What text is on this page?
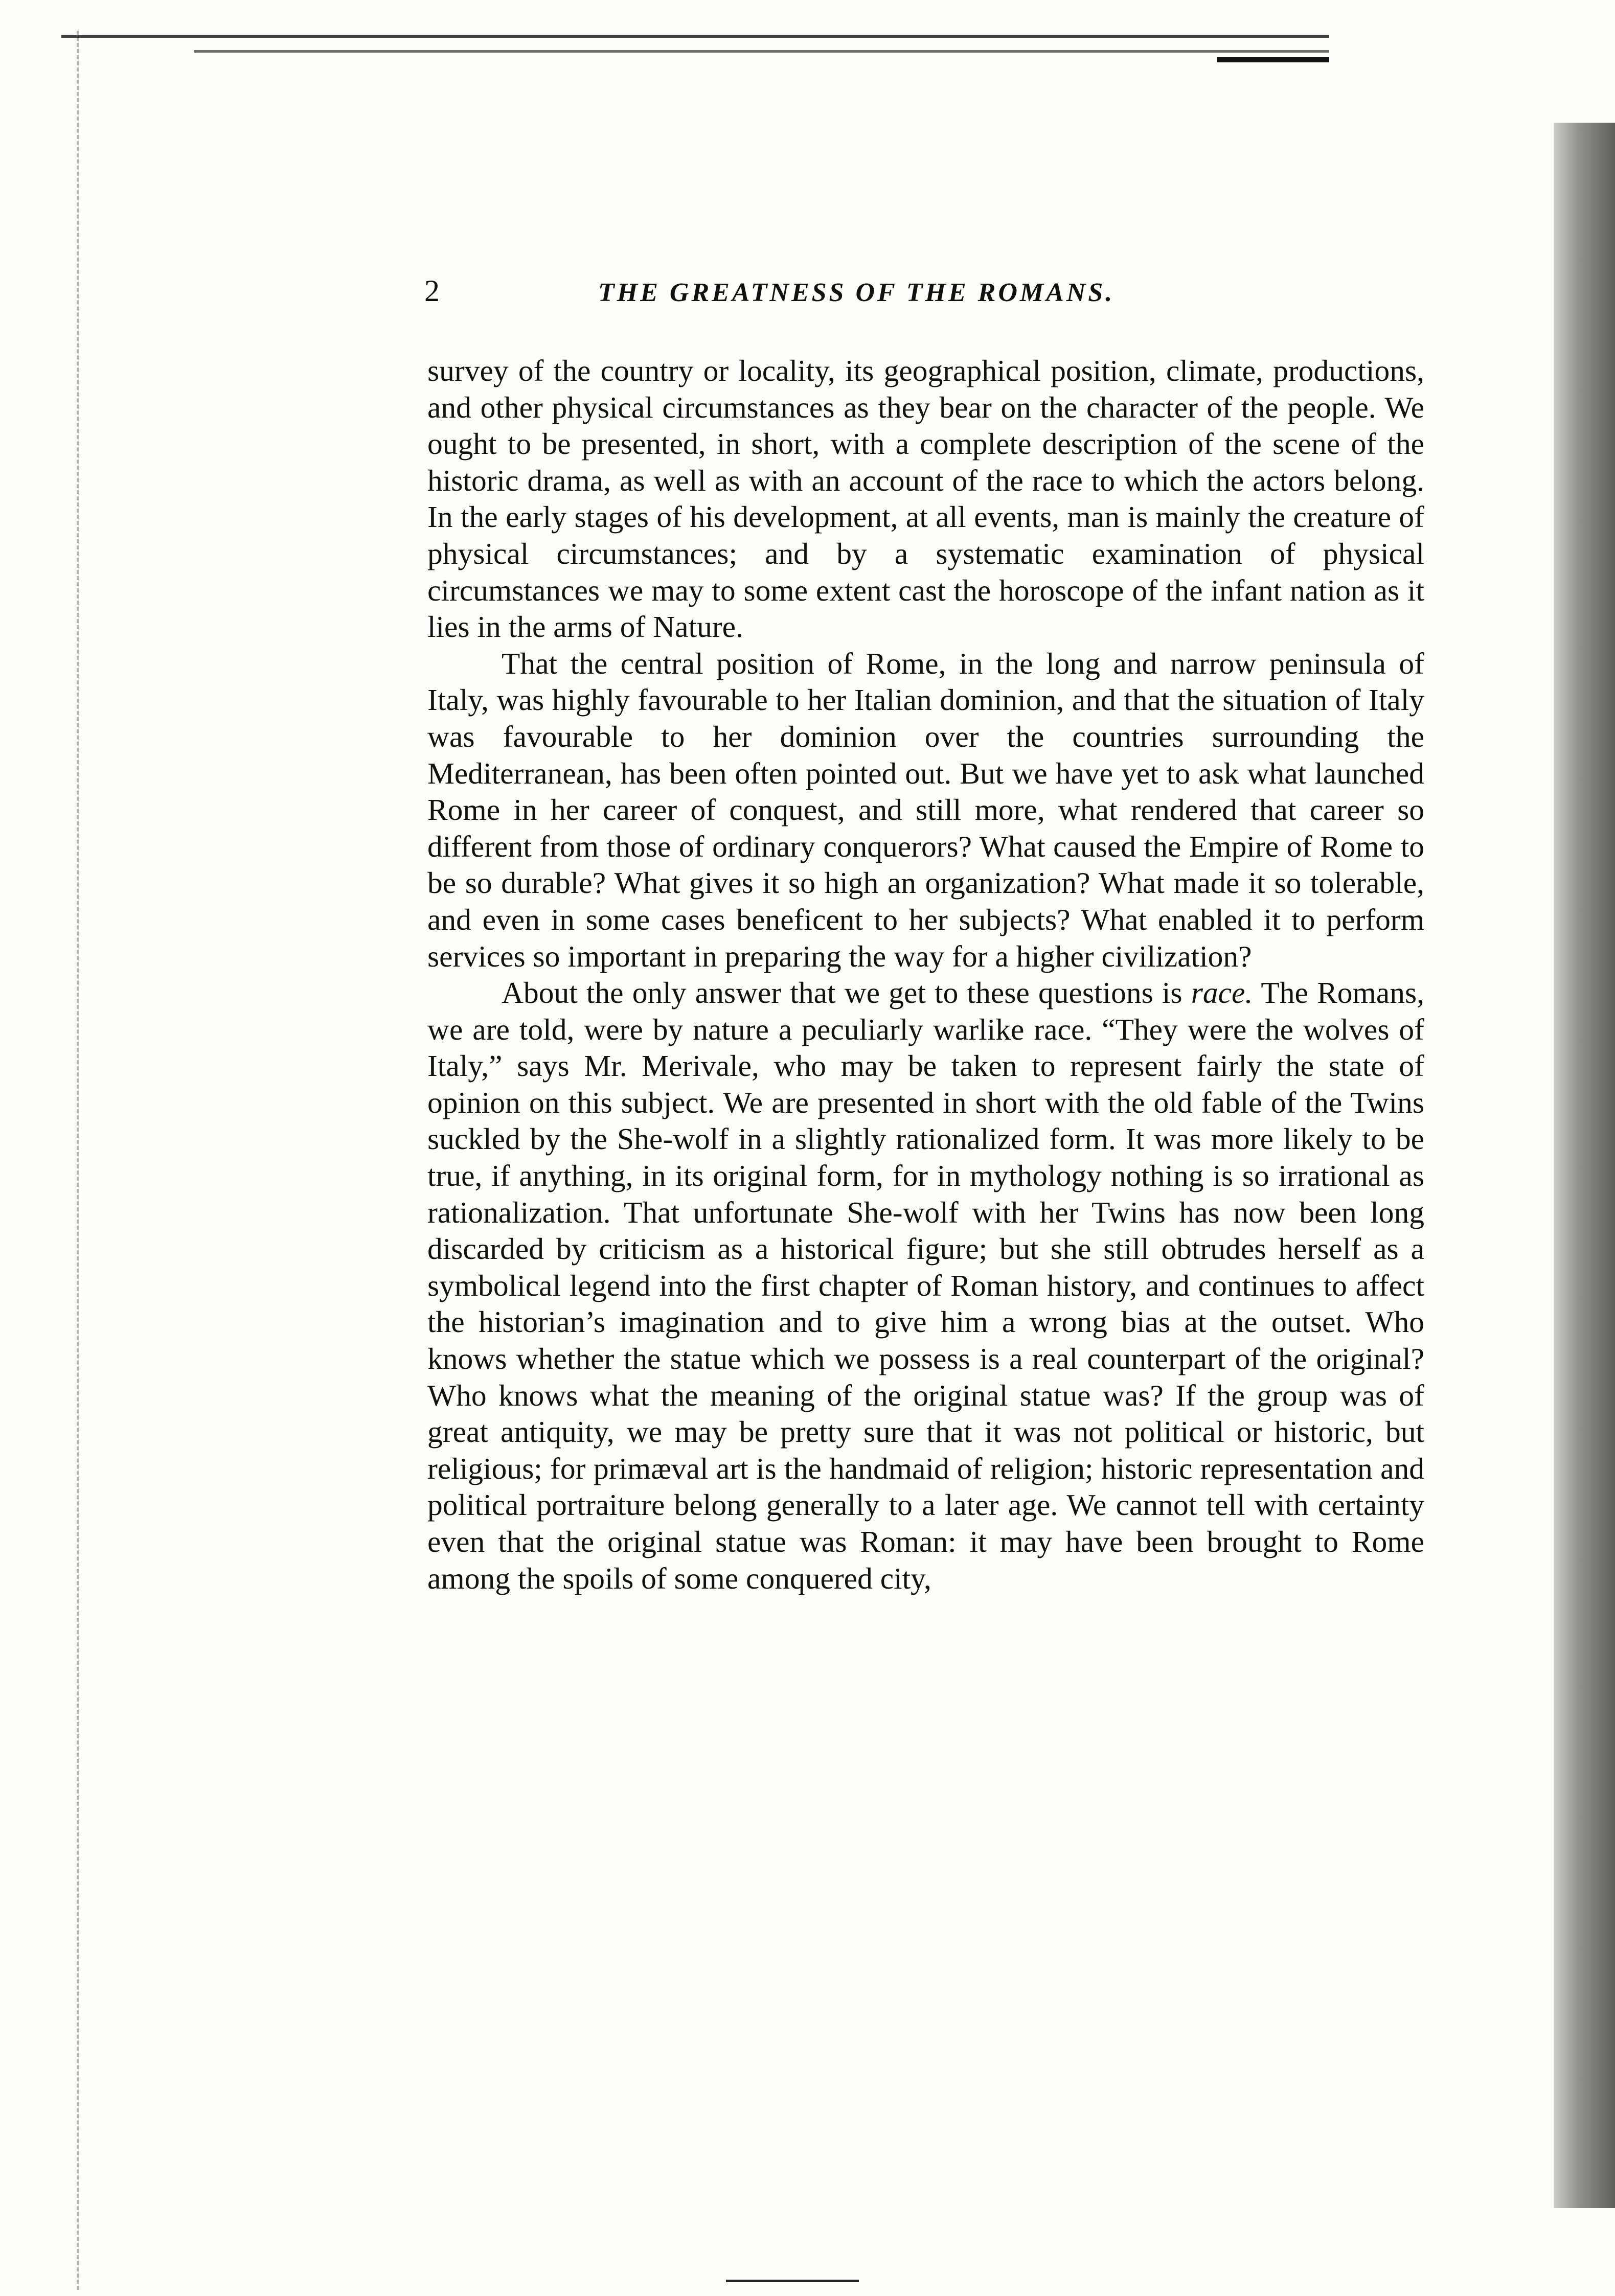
2	THE GREATNESS OF THE ROMANS.

survey of the country or locality, its geographical position, climate, productions, and other physical circumstances as they bear on the character of the people. We ought to be presented, in short, with a complete description of the scene of the historic drama, as well as with an account of the race to which the actors belong. In the early stages of his development, at all events, man is mainly the creature of physical circumstances; and by a systematic examination of physical circumstances we may to some extent cast the horoscope of the infant nation as it lies in the arms of Nature.

That the central position of Rome, in the long and narrow peninsula of Italy, was highly favourable to her Italian dominion, and that the situation of Italy was favourable to her dominion over the countries surrounding the Mediterranean, has been often pointed out. But we have yet to ask what launched Rome in her career of conquest, and still more, what rendered that career so different from those of ordinary conquerors? What caused the Empire of Rome to be so durable? What gives it so high an organization? What made it so tolerable, and even in some cases beneficent to her subjects? What enabled it to perform services so important in preparing the way for a higher civilization?

About the only answer that we get to these questions is race. The Romans, we are told, were by nature a peculiarly warlike race. “They were the wolves of Italy,” says Mr. Merivale, who may be taken to represent fairly the state of opinion on this subject. We are presented in short with the old fable of the Twins suckled by the She-wolf in a slightly rationalized form. It was more likely to be true, if anything, in its original form, for in mythology nothing is so irrational as rationalization. That unfortunate She-wolf with her Twins has now been long discarded by criticism as a historical figure; but she still obtrudes herself as a symbolical legend into the first chapter of Roman history, and continues to affect the historian’s imagination and to give him a wrong bias at the outset. Who knows whether the statue which we possess is a real counterpart of the original? Who knows what the meaning of the original statue was? If the group was of great antiquity, we may be pretty sure that it was not political or historic, but religious; for primæval art is the handmaid of religion; historic representation and political portraiture belong generally to a later age. We cannot tell with certainty even that the original statue was Roman: it may have been brought to Rome among the spoils of some conquered city,
